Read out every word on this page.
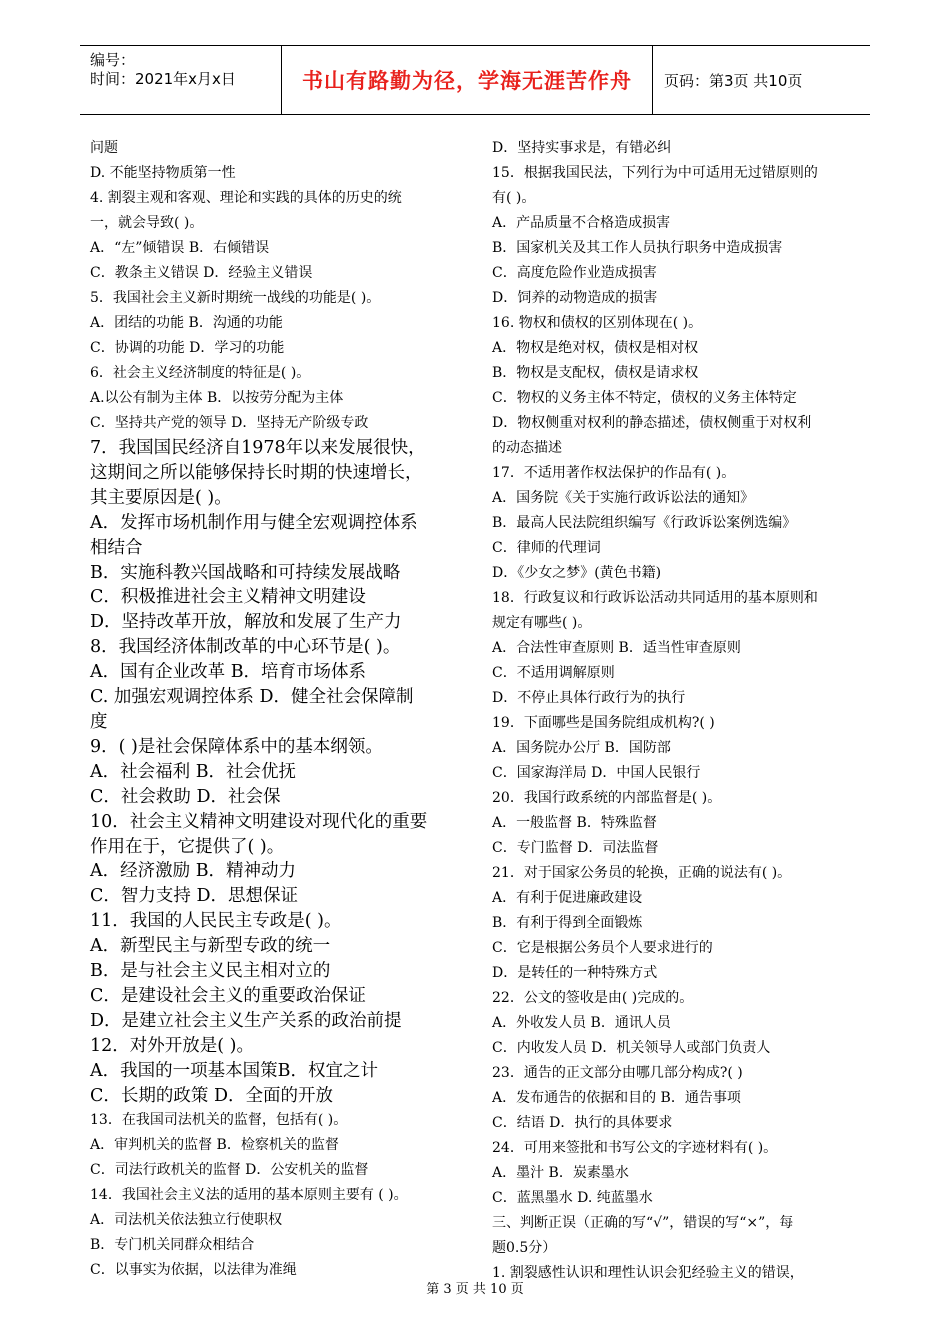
编号：
时间：2021年x月x日	书山有路勤为径，学海无涯苦作舟	页码：第3页 共10页
问题
D. 不能坚持物质第一性
4. 割裂主观和客观、理论和实践的具体的历史的统
一，就会导致( )。
A．“左”倾错误 B．右倾错误
C．教条主义错误 D．经验主义错误
5．我国社会主义新时期统一战线的功能是( )。
A．团结的功能 B．沟通的功能
C．协调的功能 D．学习的功能
6．社会主义经济制度的特征是( )。
A.以公有制为主体 B．以按劳分配为主体
C．坚持共产党的领导 D．坚持无产阶级专政
7．我国国民经济自1978年以来发展很快，
这期间之所以能够保持长时期的快速增长，
其主要原因是( )。
A．发挥市场机制作用与健全宏观调控体系
相结合
B．实施科教兴国战略和可持续发展战略
C．积极推进社会主义精神文明建设
D．坚持改革开放，解放和发展了生产力
8．我国经济体制改革的中心环节是( )。
A．国有企业改革 B．培育市场体系
C. 加强宏观调控体系 D．健全社会保障制
度
9．( )是社会保障体系中的基本纲领。
A．社会福利 B．社会优抚
C．社会救助 D．社会保
10．社会主义精神文明建设对现代化的重要
作用在于，它提供了( )。
A．经济激励 B．精神动力
C．智力支持 D．思想保证
11．我国的人民民主专政是( )。
A．新型民主与新型专政的统一
B．是与社会主义民主相对立的
C．是建设社会主义的重要政治保证
D．是建立社会主义生产关系的政治前提
12．对外开放是( )。
A．我国的一项基本国策B．权宜之计
C．长期的政策 D．全面的开放
13．在我国司法机关的监督，包括有( )。
A．审判机关的监督 B．检察机关的监督
C．司法行政机关的监督 D．公安机关的监督
14．我国社会主义法的适用的基本原则主要有 ( )。
A．司法机关依法独立行使职权
B．专门机关同群众相结合
C．以事实为依据，以法律为准绳
D．坚持实事求是，有错必纠
15．根据我国民法，下列行为中可适用无过错原则的
有( )。
A．产品质量不合格造成损害
B．国家机关及其工作人员执行职务中造成损害
C．高度危险作业造成损害
D．饲养的动物造成的损害
16. 物权和债权的区别体现在( )。
A．物权是绝对权，债权是相对权
B．物权是支配权，债权是请求权
C．物权的义务主体不特定，债权的义务主体特定
D．物权侧重对权利的静态描述，债权侧重于对权利
的动态描述
17．不适用著作权法保护的作品有( )。
A．国务院《关于实施行政诉讼法的通知》
B．最高人民法院组织编写《行政诉讼案例选编》
C．律师的代理词
D．《少女之梦》(黄色书籍)
18．行政复议和行政诉讼活动共同适用的基本原则和
规定有哪些( )。
A．合法性审查原则 B．适当性审查原则
C．不适用调解原则
D．不停止具体行政行为的执行
19．下面哪些是国务院组成机构?( )
A．国务院办公厅 B．国防部
C．国家海洋局 D．中国人民银行
20．我国行政系统的内部监督是( )。
A．一般监督 B．特殊监督
C．专门监督 D．司法监督
21．对于国家公务员的轮换，正确的说法有( )。
A．有利于促进廉政建设
B．有利于得到全面锻炼
C．它是根据公务员个人要求进行的
D．是转任的一种特殊方式
22．公文的签收是由( )完成的。
A．外收发人员 B．通讯人员
C．内收发人员 D．机关领导人或部门负责人
23．通告的正文部分由哪几部分构成?( )
A．发布通告的依据和目的 B．通告事项
C．结语 D．执行的具体要求
24．可用来签批和书写公文的字迹材料有( )。
A．墨汁 B．炭素墨水
C．蓝黑墨水 D. 纯蓝墨水
三、判断正误（正确的写“√”，错误的写“×”，每
题0.5分）
1. 割裂感性认识和理性认识会犯经验主义的错误，
第 3 页 共 10 页
